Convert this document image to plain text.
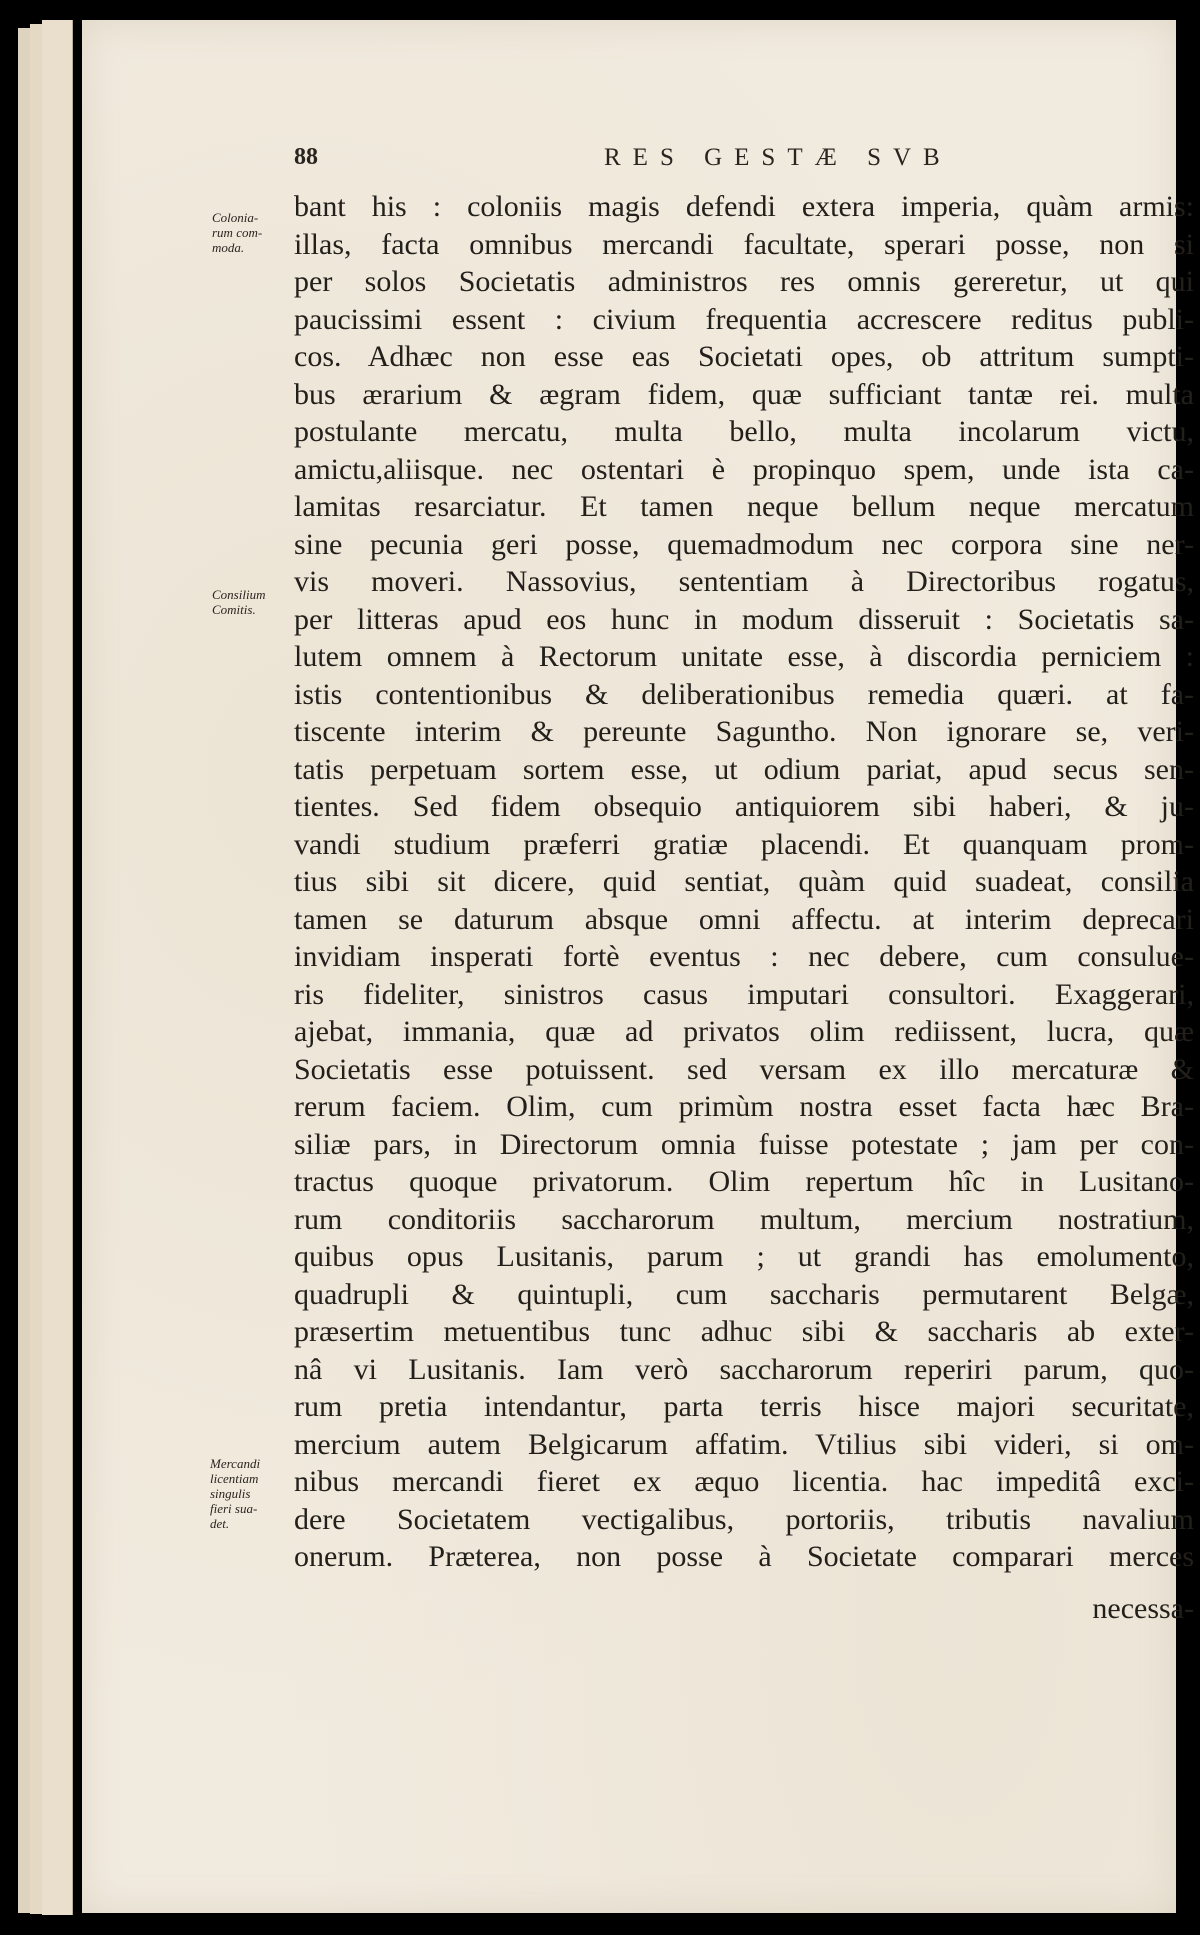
88	RES GESTÆ SVB
Colonia-
rum com-
moda.
Consilium
Comitis.
Mercandi
licentiam
singulis
fieri sua-
det.
bant his : coloniis magis defendi extera imperia, quàm armis:
illas, facta omnibus mercandi facultate, sperari posse, non si
per solos Societatis administros res omnis gereretur, ut qui
paucissimi essent : civium frequentia accrescere reditus publi-
cos. Adhæc non esse eas Societati opes, ob attritum sumpti-
bus ærarium & ægram fidem, quæ sufficiant tantæ rei. multa
postulante mercatu, multa bello, multa incolarum victu,
amictu,aliisque. nec ostentari è propinquo spem, unde ista ca-
lamitas resarciatur. Et tamen neque bellum neque mercatum
sine pecunia geri posse, quemadmodum nec corpora sine ner-
vis moveri. Nassovius, sententiam à Directoribus rogatus,
per litteras apud eos hunc in modum disseruit : Societatis sa-
lutem omnem à Rectorum unitate esse, à discordia perniciem :
istis contentionibus & deliberationibus remedia quæri. at fa-
tiscente interim & pereunte Saguntho. Non ignorare se, veri-
tatis perpetuam sortem esse, ut odium pariat, apud secus sen-
tientes. Sed fidem obsequio antiquiorem sibi haberi, & ju-
vandi studium præferri gratiæ placendi. Et quanquam prom-
tius sibi sit dicere, quid sentiat, quàm quid suadeat, consilia
tamen se daturum absque omni affectu. at interim deprecari
invidiam insperati fortè eventus : nec debere, cum consulue-
ris fideliter, sinistros casus imputari consultori. Exaggerari,
ajebat, immania, quæ ad privatos olim rediissent, lucra, quæ
Societatis esse potuissent. sed versam ex illo mercaturæ &
rerum faciem. Olim, cum primùm nostra esset facta hæc Bra-
siliæ pars, in Directorum omnia fuisse potestate ; jam per con-
tractus quoque privatorum. Olim repertum hîc in Lusitano-
rum conditoriis saccharorum multum, mercium nostratium,
quibus opus Lusitanis, parum ; ut grandi has emolumento,
quadrupli & quintupli, cum saccharis permutarent Belgæ,
præsertim metuentibus tunc adhuc sibi & saccharis ab exter-
nâ vi Lusitanis. Iam verò saccharorum reperiri parum, quo-
rum pretia intendantur, parta terris hisce majori securitate,
mercium autem Belgicarum affatim. Vtilius sibi videri, si om-
nibus mercandi fieret ex æquo licentia. hac impeditâ exci-
dere Societatem vectigalibus, portoriis, tributis navalium
onerum. Præterea, non posse à Societate comparari merces
necessa-
